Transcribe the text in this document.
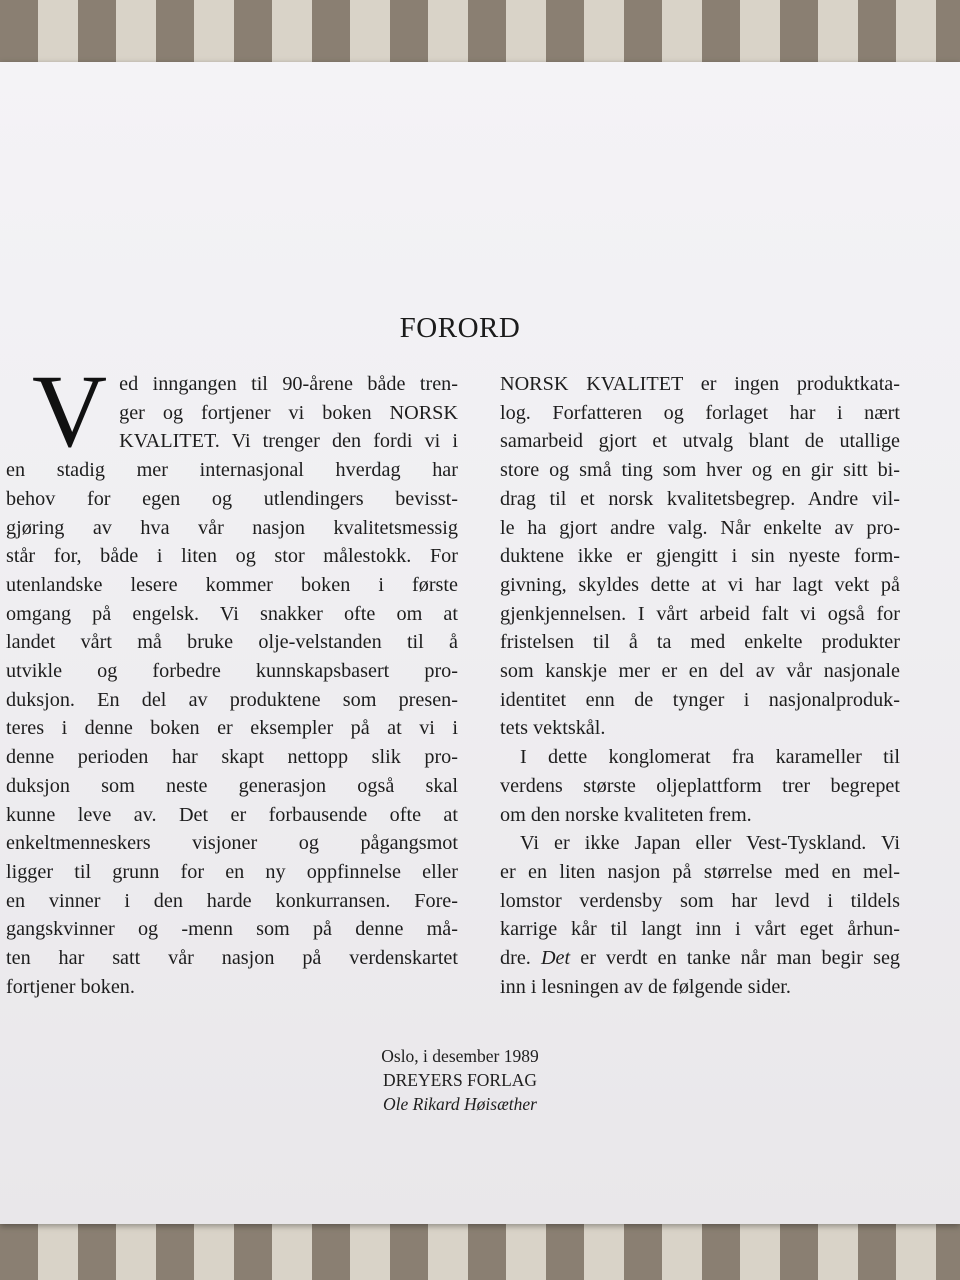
FORORD
V ed inngangen til 90-årene både tren-
ger og fortjener vi boken NORSK
KVALITET. Vi trenger den fordi vi i
en stadig mer internasjonal hverdag har
behov for egen og utlendingers bevisst-
gjøring av hva vår nasjon kvalitetsmessig
står for, både i liten og stor målestokk. For
utenlandske lesere kommer boken i første
omgang på engelsk. Vi snakker ofte om at
landet vårt må bruke olje-velstanden til å
utvikle og forbedre kunnskapsbasert pro-
duksjon. En del av produktene som presen-
teres i denne boken er eksempler på at vi i
denne perioden har skapt nettopp slik pro-
duksjon som neste generasjon også skal
kunne leve av. Det er forbausende ofte at
enkeltmenneskers visjoner og pågangsmot
ligger til grunn for en ny oppfinnelse eller
en vinner i den harde konkurransen. Fore-
gangskvinner og -menn som på denne må-
ten har satt vår nasjon på verdenskartet
fortjener boken.
NORSK KVALITET er ingen produktkata-
log. Forfatteren og forlaget har i nært
samarbeid gjort et utvalg blant de utallige
store og små ting som hver og en gir sitt bi-
drag til et norsk kvalitetsbegrep. Andre vil-
le ha gjort andre valg. Når enkelte av pro-
duktene ikke er gjengitt i sin nyeste form-
givning, skyldes dette at vi har lagt vekt på
gjenkjennelsen. I vårt arbeid falt vi også for
fristelsen til å ta med enkelte produkter
som kanskje mer er en del av vår nasjonale
identitet enn de tynger i nasjonalproduk-
tets vektskål.
I dette konglomerat fra karameller til
verdens største oljeplattform trer begrepet
om den norske kvaliteten frem.
Vi er ikke Japan eller Vest-Tyskland. Vi
er en liten nasjon på størrelse med en mel-
lomstor verdensby som har levd i tildels
karrige kår til langt inn i vårt eget århun-
dre. Det er verdt en tanke når man begir seg
inn i lesningen av de følgende sider.
Oslo, i desember 1989
DREYERS FORLAG
Ole Rikard Høisæther
